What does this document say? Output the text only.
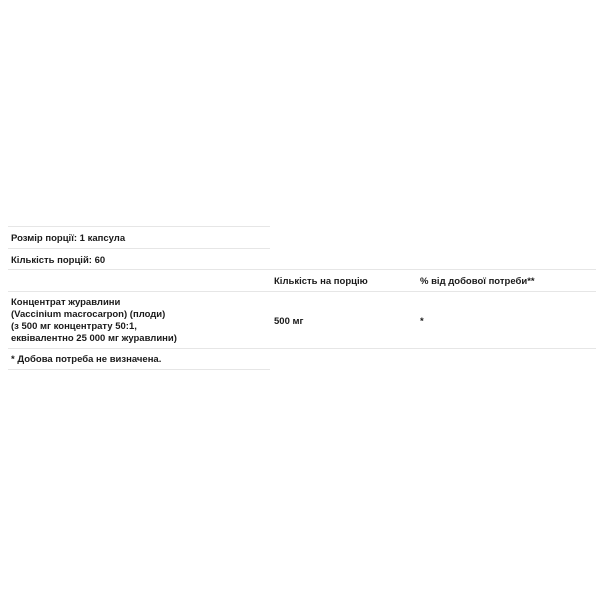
Розмір порції: 1 капсула
Кількість порцій: 60
Кількість на порцію	% від добової потреби**
Концентрат журавлини
(Vaccinium macrocarpon) (плоди)
(з 500 мг концентрату 50:1,
еквівалентно 25 000 мг журавлини)
500 мг	*
* Добова потреба не визначена.
